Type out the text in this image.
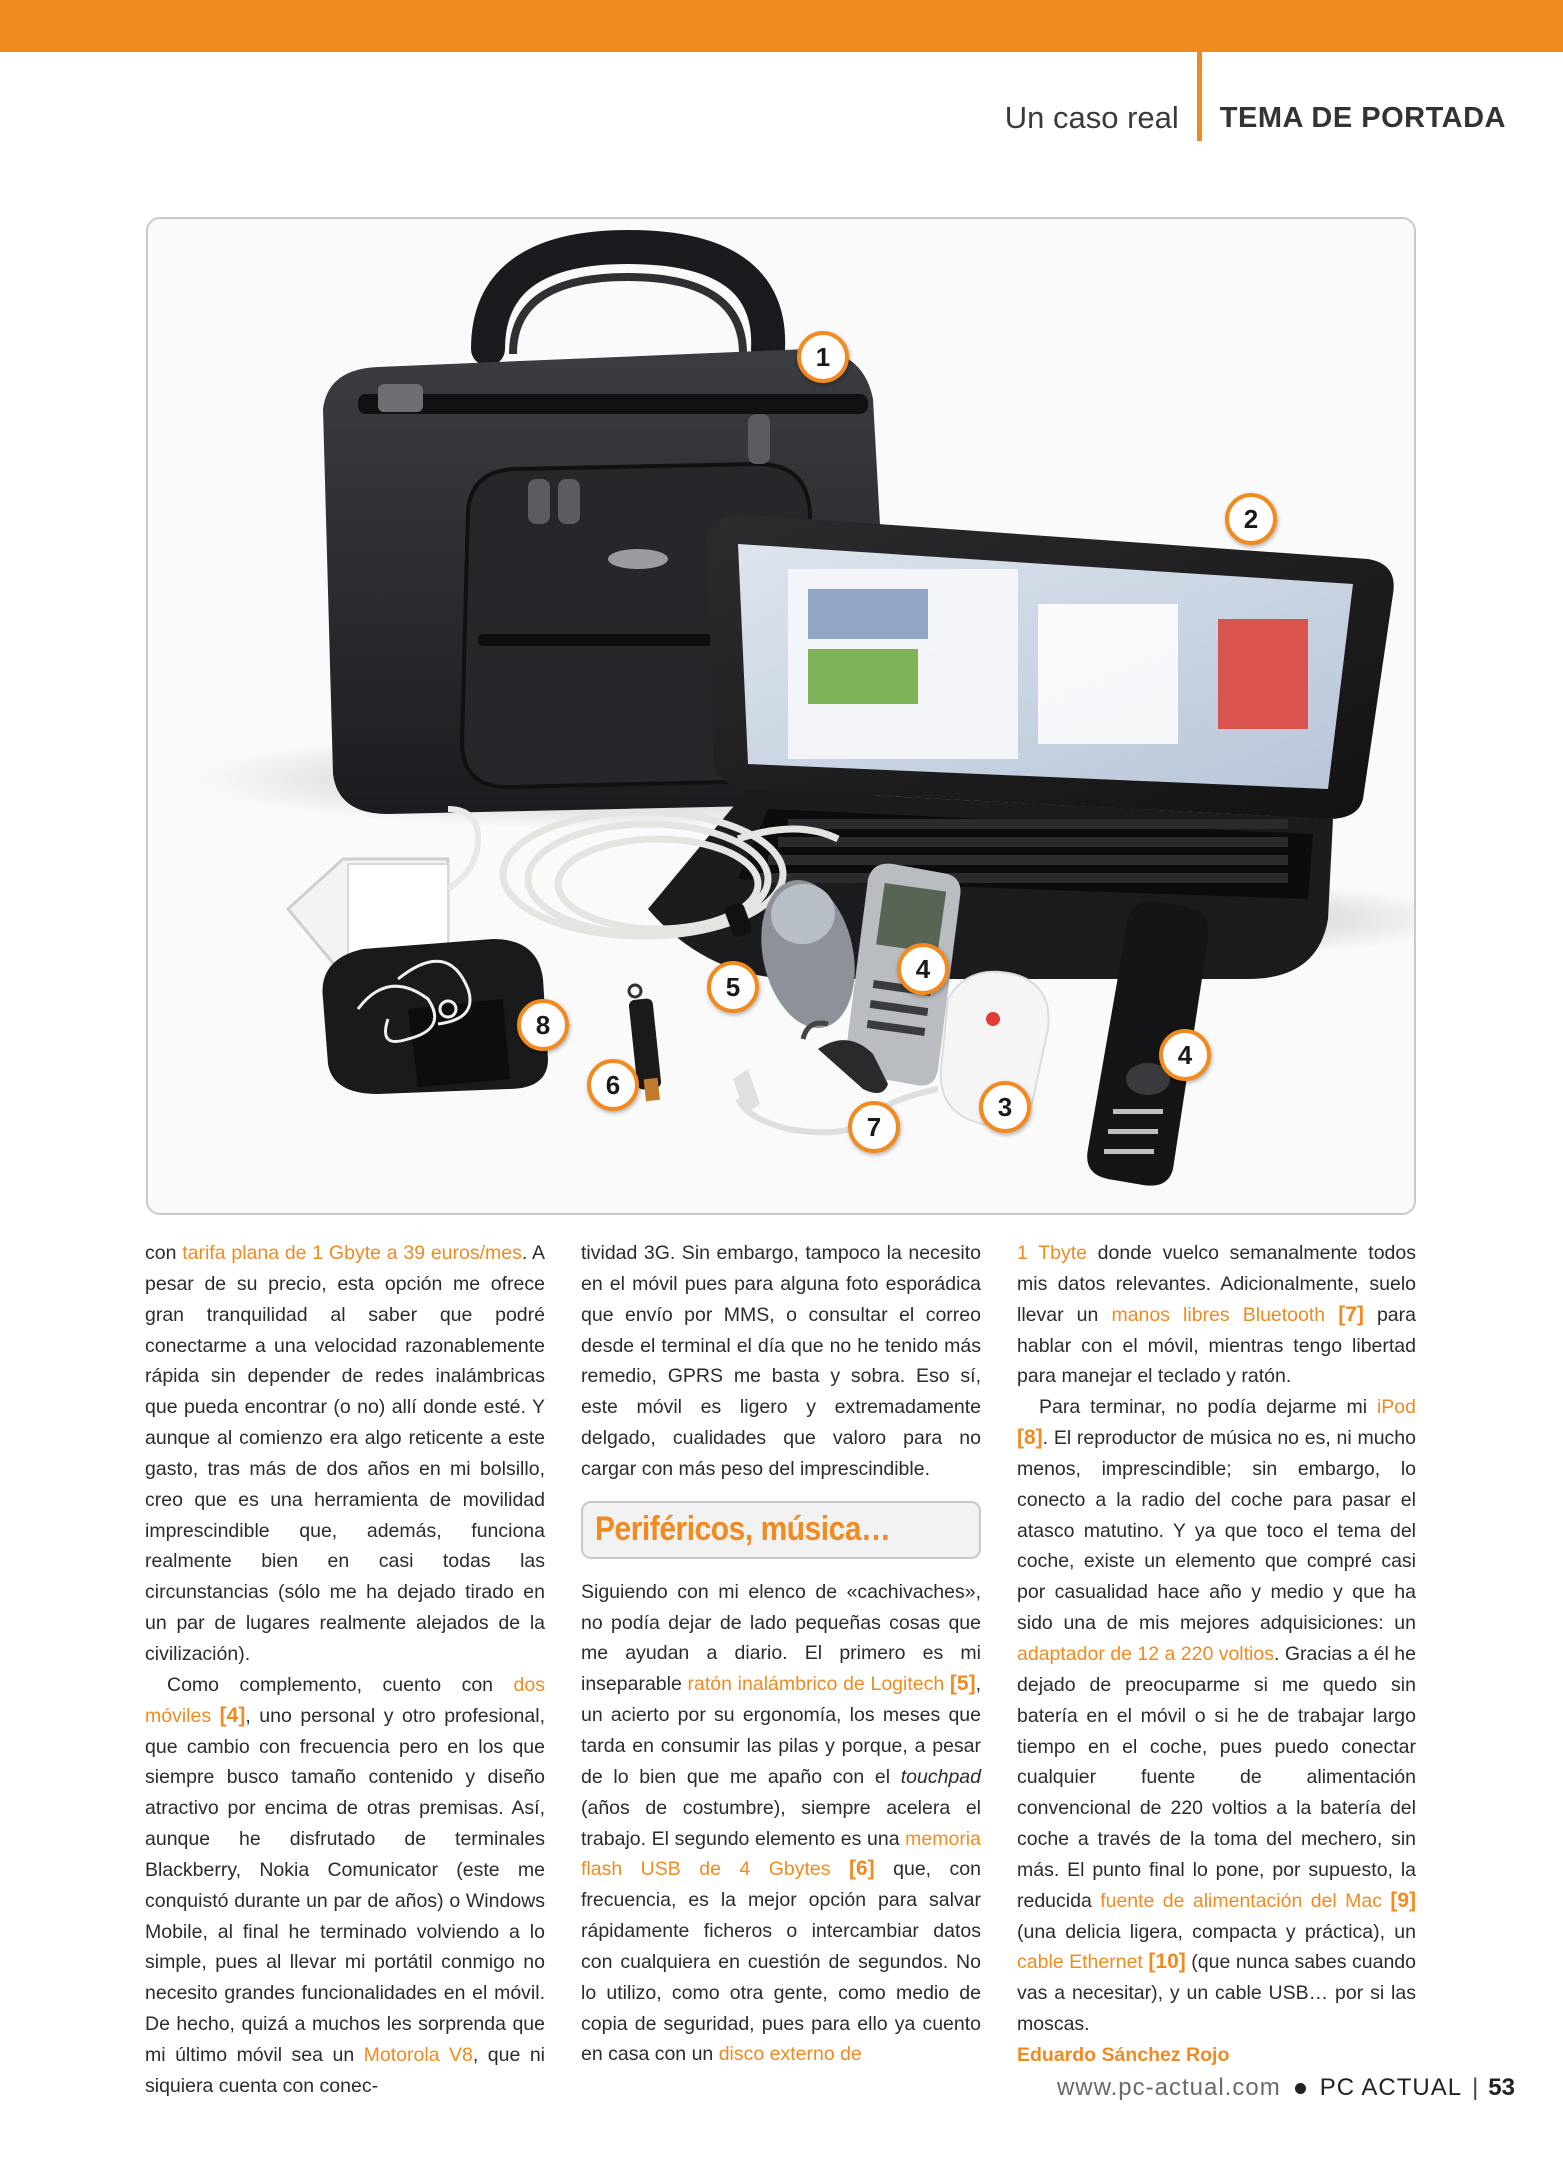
Un caso real	TEMA DE PORTADA
1
2
3
4
4
5
6
7
8

con tarifa plana de 1 Gbyte a 39 euros/mes. A pesar de su precio, esta opción me ofrece gran tranquilidad al saber que podré conectarme a una velocidad razonablemente rápida sin depender de redes inalámbricas que pueda encontrar (o no) allí donde esté. Y aunque al comienzo era algo reticente a este gasto, tras más de dos años en mi bolsillo, creo que es una herramienta de movilidad imprescindible que, además, funciona realmente bien en casi todas las circunstancias (sólo me ha dejado tirado en un par de lugares realmente alejados de la civilización).

Como complemento, cuento con dos móviles [4], uno personal y otro profesional, que cambio con frecuencia pero en los que siempre busco tamaño contenido y diseño atractivo por encima de otras premisas. Así, aunque he disfrutado de terminales Blackberry, Nokia Comunicator (este me conquistó durante un par de años) o Windows Mobile, al final he terminado volviendo a lo simple, pues al llevar mi portátil conmigo no necesito grandes funcionalidades en el móvil. De hecho, quizá a muchos les sorprenda que mi último móvil sea un Motorola V8, que ni siquiera cuenta con conec-

tividad 3G. Sin embargo, tampoco la necesito en el móvil pues para alguna foto esporádica que envío por MMS, o consultar el correo desde el terminal el día que no he tenido más remedio, GPRS me basta y sobra. Eso sí, este móvil es ligero y extremadamente delgado, cualidades que valoro para no cargar con más peso del imprescindible.

Periféricos, música…

Siguiendo con mi elenco de «cachivaches», no podía dejar de lado pequeñas cosas que me ayudan a diario. El primero es mi inseparable ratón inalámbrico de Logitech [5], un acierto por su ergonomía, los meses que tarda en consumir las pilas y porque, a pesar de lo bien que me apaño con el touchpad (años de costumbre), siempre acelera el trabajo. El segundo elemento es una memoria flash USB de 4 Gbytes [6] que, con frecuencia, es la mejor opción para salvar rápidamente ficheros o intercambiar datos con cualquiera en cuestión de segundos. No lo utilizo, como otra gente, como medio de copia de seguridad, pues para ello ya cuento en casa con un disco externo de

1 Tbyte donde vuelco semanalmente todos mis datos relevantes. Adicionalmente, suelo llevar un manos libres Bluetooth [7] para hablar con el móvil, mientras tengo libertad para manejar el teclado y ratón.

Para terminar, no podía dejarme mi iPod [8]. El reproductor de música no es, ni mucho menos, imprescindible; sin embargo, lo conecto a la radio del coche para pasar el atasco matutino. Y ya que toco el tema del coche, existe un elemento que compré casi por casualidad hace año y medio y que ha sido una de mis mejores adquisiciones: un adaptador de 12 a 220 voltios. Gracias a él he dejado de preocuparme si me quedo sin batería en el móvil o si he de trabajar largo tiempo en el coche, pues puedo conectar cualquier fuente de alimentación convencional de 220 voltios a la batería del coche a través de la toma del mechero, sin más. El punto final lo pone, por supuesto, la reducida fuente de alimentación del Mac [9] (una delicia ligera, compacta y práctica), un cable Ethernet [10] (que nunca sabes cuando vas a necesitar), y un cable USB… por si las moscas.

Eduardo Sánchez Rojo

www.pc-actual.com PC ACTUAL | 53
